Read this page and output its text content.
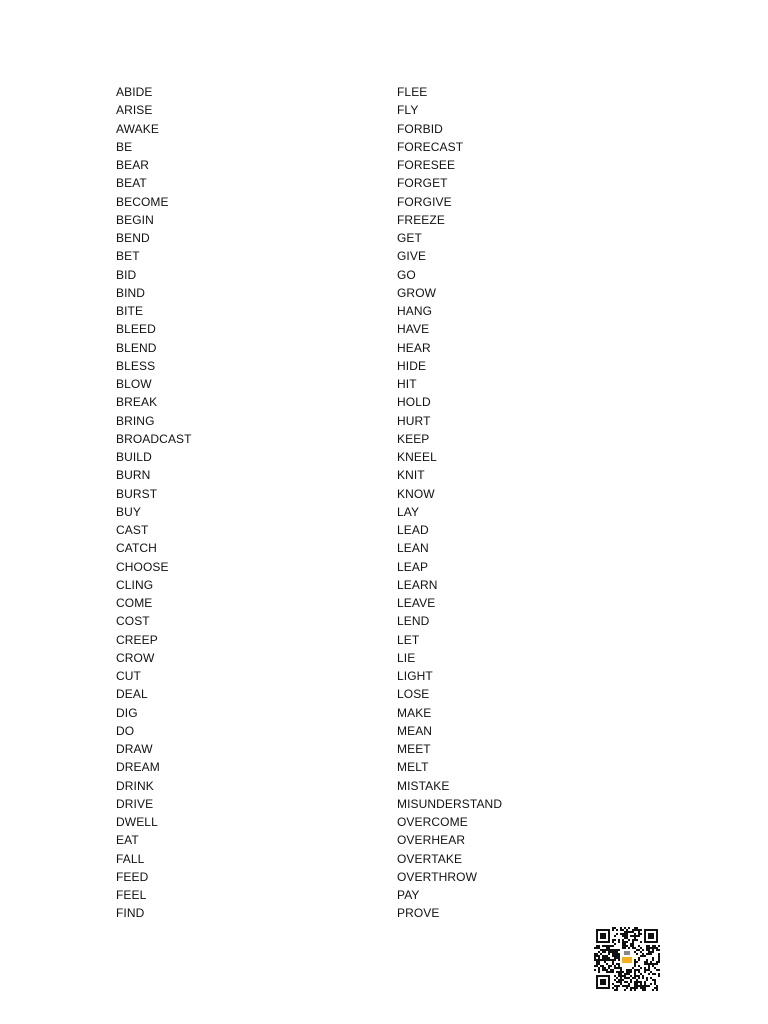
ABIDE
ARISE
AWAKE
BE
BEAR
BEAT
BECOME
BEGIN
BEND
BET
BID
BIND
BITE
BLEED
BLEND
BLESS
BLOW
BREAK
BRING
BROADCAST
BUILD
BURN
BURST
BUY
CAST
CATCH
CHOOSE
CLING
COME
COST
CREEP
CROW
CUT
DEAL
DIG
DO
DRAW
DREAM
DRINK
DRIVE
DWELL
EAT
FALL
FEED
FEEL
FIND
FLEE
FLY
FORBID
FORECAST
FORESEE
FORGET
FORGIVE
FREEZE
GET
GIVE
GO
GROW
HANG
HAVE
HEAR
HIDE
HIT
HOLD
HURT
KEEP
KNEEL
KNIT
KNOW
LAY
LEAD
LEAN
LEAP
LEARN
LEAVE
LEND
LET
LIE
LIGHT
LOSE
MAKE
MEAN
MEET
MELT
MISTAKE
MISUNDERSTAND
OVERCOME
OVERHEAR
OVERTAKE
OVERTHROW
PAY
PROVE
